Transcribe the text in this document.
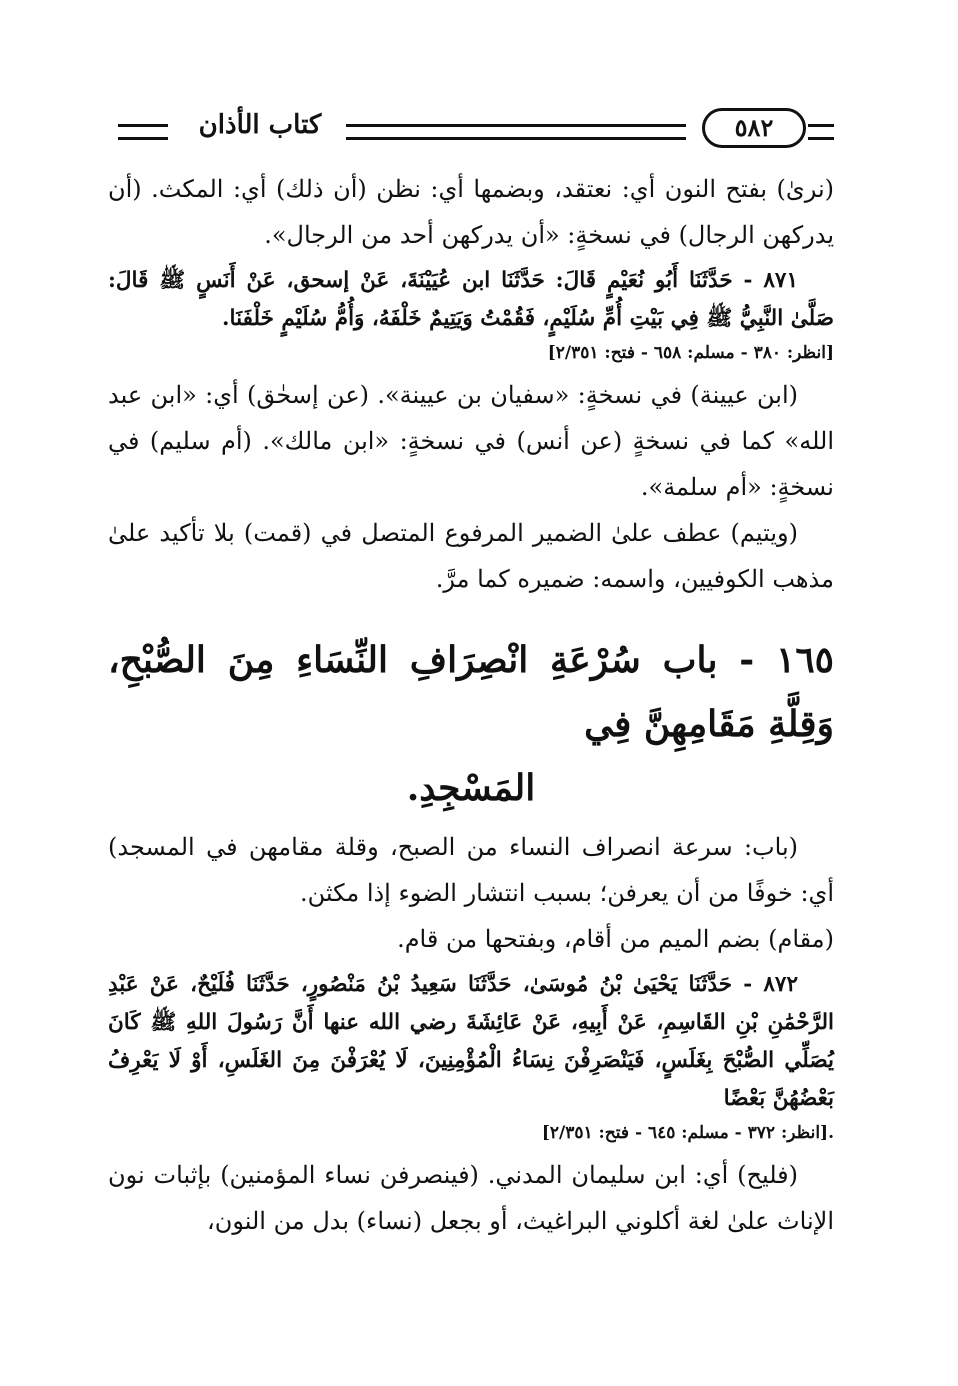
كتاب الأذان	٥٨٢

(نرىٰ) بفتح النون أي: نعتقد، وبضمها أي: نظن (أن ذلك) أي: المكث. (أن يدركهن الرجال) في نسخةٍ: «أن يدركهن أحد من الرجال».

٨٧١ - حَدَّثَنَا أَبُو نُعَيْمٍ قَالَ: حَدَّثَنَا ابن عُيَيْنَةَ، عَنْ إسحق، عَنْ أَنَسٍ ﷺ قَالَ: صَلَّىٰ النَّبِيُّ ﷺ فِي بَيْتِ أُمِّ سُلَيْمٍ، فَقُمْتُ وَيَتِيمٌ خَلْفَهُ، وَأُمُّ سُلَيْمٍ خَلْفَنَا.

[انظر: ٣٨٠ - مسلم: ٦٥٨ - فتح: ٢/٣٥١]

(ابن عيينة) في نسخةٍ: «سفيان بن عيينة». (عن إسحٰق) أي: «ابن عبد الله» كما في نسخةٍ (عن أنس) في نسخةٍ: «ابن مالك». (أم سليم) في نسخةٍ: «أم سلمة».

(ويتيم) عطف علىٰ الضمير المرفوع المتصل في (قمت) بلا تأكيد علىٰ مذهب الكوفيين، واسمه: ضميره كما مرَّ.

١٦٥ - باب سُرْعَةِ انْصِرَافِ النِّسَاءِ مِنَ الصُّبْحِ، وَقِلَّةِ مَقَامِهِنَّ فِي

المَسْجِدِ.

(باب: سرعة انصراف النساء من الصبح، وقلة مقامهن في المسجد) أي: خوفًا من أن يعرفن؛ بسبب انتشار الضوء إذا مكثن.

(مقام) بضم الميم من أقام، وبفتحها من قام.

٨٧٢ - حَدَّثَنَا يَحْيَىٰ بْنُ مُوسَىٰ، حَدَّثَنَا سَعِيدُ بْنُ مَنْصُورٍ، حَدَّثَنَا فُلَيْحٌ، عَنْ عَبْدِ الرَّحْمَٰنِ بْنِ القَاسِمِ، عَنْ أَبِيهِ، عَنْ عَائِشَةَ رضي الله عنها أَنَّ رَسُولَ اللهِ ﷺ كَانَ يُصَلِّي الصُّبْحَ بِغَلَسٍ، فَيَنْصَرِفْنَ نِسَاءُ الْمُؤْمِنِينَ، لَا يُعْرَفْنَ مِنَ الغَلَسِ، أَوْ لَا يَعْرِفُ بَعْضُهُنَّ بَعْضًا

.[انظر: ٣٧٢ - مسلم: ٦٤٥ - فتح: ٢/٣٥١]

(فليح) أي: ابن سليمان المدني. (فينصرفن نساء المؤمنين) بإثبات نون الإناث علىٰ لغة أكلوني البراغيث، أو بجعل (نساء) بدل من النون،
